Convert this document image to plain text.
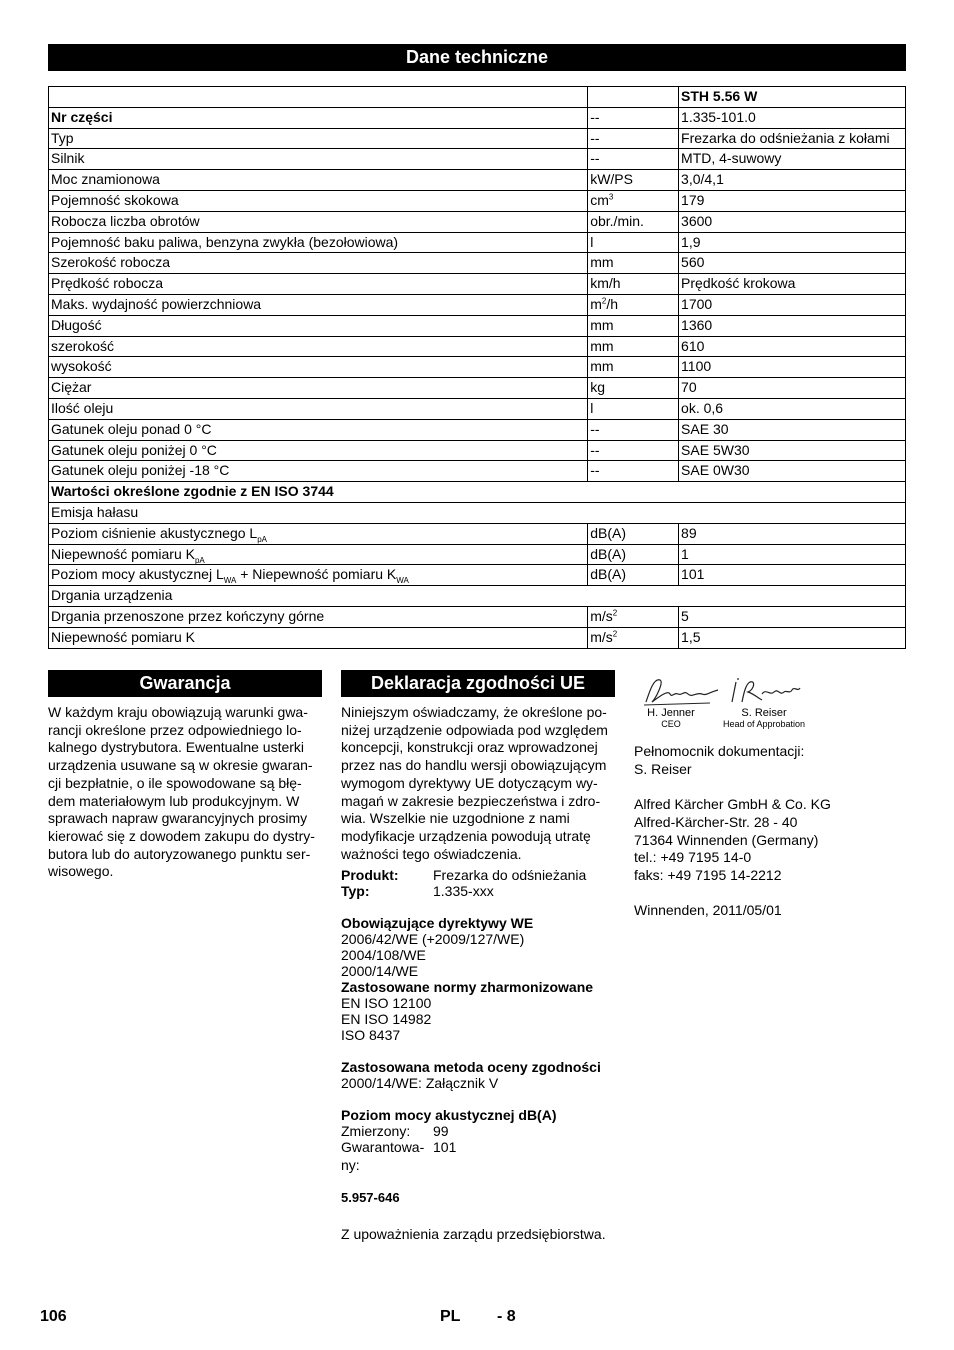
Dane techniczne
		STH 5.56 W
Nr części	--	1.335-101.0
Typ	--	Frezarka do odśnieżania z kołami
Silnik	--	MTD, 4-suwowy
Moc znamionowa	kW/PS	3,0/4,1
Pojemność skokowa	$cm^3$	179
Robocza liczba obrotów	obr./min.	3600
Pojemność baku paliwa, benzyna zwykła (bezołowiowa)	l	1,9
Szerokość robocza	mm	560
Prędkość robocza	km/h	Prędkość krokowa
Maks. wydajność powierzchniowa	$m^2/h$	1700
Długość	mm	1360
szerokość	mm	610
wysokość	mm	1100
Ciężar	kg	70
Ilość oleju	l	ok. 0,6
Gatunek oleju ponad 0 °C	--	SAE 30
Gatunek oleju poniżej 0 °C	--	SAE 5W30
Gatunek oleju poniżej -18 °C	--	SAE 0W30
Wartości określone zgodnie z EN ISO 3744		
Emisja hałasu		
Poziom ciśnienie akustycznego $L_{pA}$	dB(A)	89
Niepewność pomiaru $K_{pA}$	dB(A)	1
Poziom mocy akustycznej $L_{WA}$ + Niepewność pomiaru $K_{WA}$	dB(A)	101
Drgania urządzenia		
Drgania przenoszone przez kończyny górne	$m/s^2$	5
Niepewność pomiaru K	$m/s^2$	1,5
Gwarancja
W każdym kraju obowiązują warunki gwa-
rancji określone przez odpowiedniego lo-
kalnego dystrybutora. Ewentualne usterki
urządzenia usuwane są w okresie gwaran-
cji bezpłatnie, o ile spowodowane są błę-
dem materiałowym lub produkcyjnym. W
sprawach napraw gwarancyjnych prosimy
kierować się z dowodem zakupu do dystry-
butora lub do autoryzowanego punktu ser-
wisowego.
Deklaracja zgodności UE
Niniejszym oświadczamy, że określone po-
niżej urządzenie odpowiada pod względem
koncepcji, konstrukcji oraz wprowadzonej
przez nas do handlu wersji obowiązującym
wymogom dyrektywy UE dotyczącym wy-
magań w zakresie bezpieczeństwa i zdro-
wia. Wszelkie nie uzgodnione z nami
modyfikacje urządzenia powodują utratę
ważności tego oświadczenia.
Produkt:	Frezarka do odśnieżania
Typ:	1.335-xxx
Obowiązujące dyrektywy WE
2006/42/WE (+2009/127/WE)
2004/108/WE
2000/14/WE
Zastosowane normy zharmonizowane
EN ISO 12100
EN ISO 14982
ISO 8437
Zastosowana metoda oceny zgodności
2000/14/WE: Załącznik V
Poziom mocy akustycznej dB(A)
Zmierzony:	99
Gwarantowa- 101
ny:
5.957-646
Z upoważnienia zarządu przedsiębiorstwa.
H. Jenner
CEO
S. Reiser
Head of Approbation
Pełnomocnik dokumentacji:
S. Reiser
Alfred Kärcher GmbH & Co. KG
Alfred-Kärcher-Str. 28 - 40
71364 Winnenden (Germany)
tel.: +49 7195 14-0
faks: +49 7195 14-2212
Winnenden, 2011/05/01
106	PL - 8
